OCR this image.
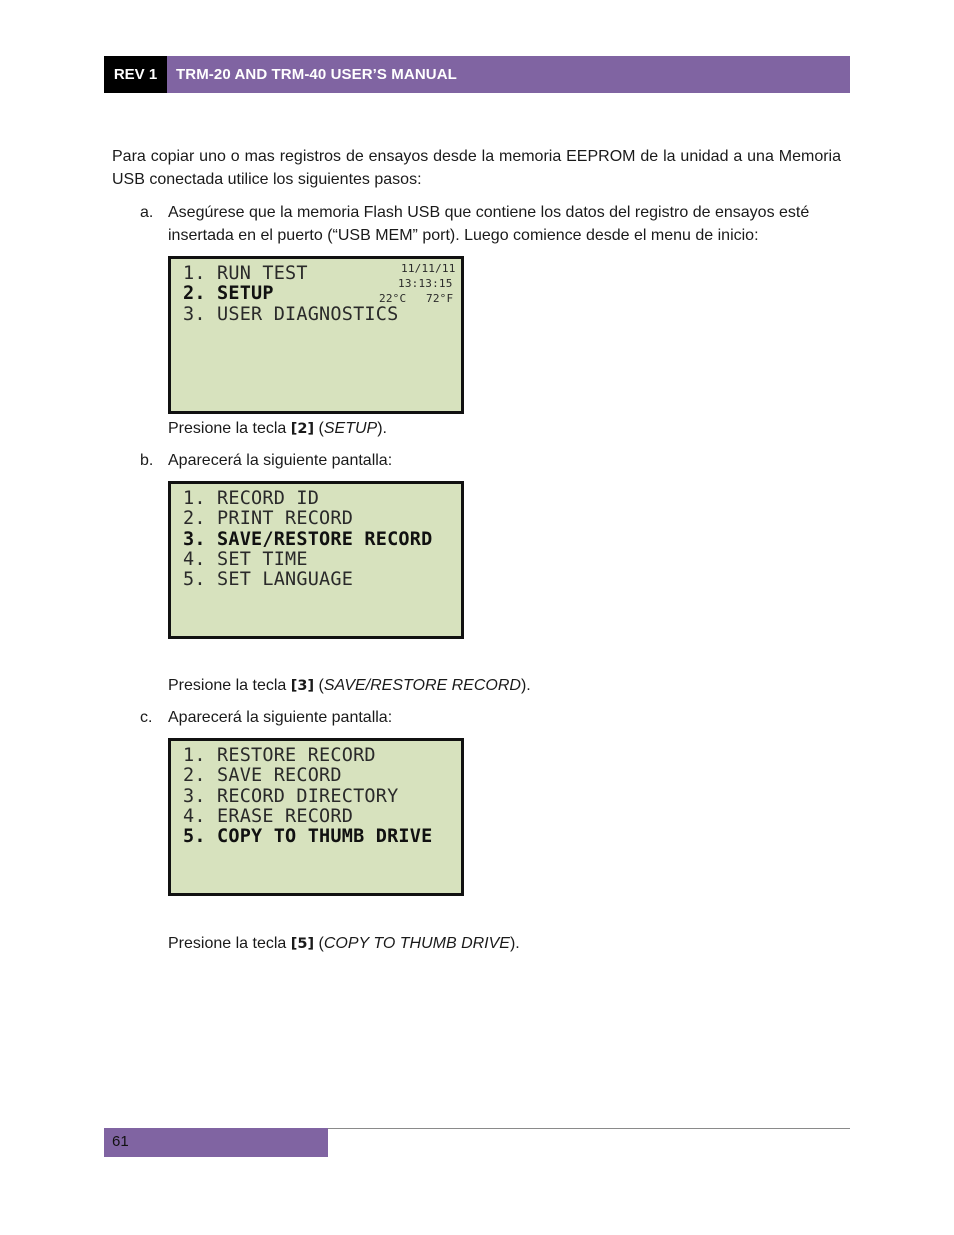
REV 1	TRM-20 AND TRM-40 USER’S MANUAL
Para copiar uno o mas registros de ensayos desde la memoria EEPROM de la unidad a una Memoria USB conectada utilice los siguientes pasos:
a. Asegúrese que la memoria Flash USB que contiene los datos del registro de ensayos esté insertada en el puerto (“USB MEM” port). Luego comience desde el menu de inicio:
1. RUN TEST
2. SETUP
3. USER DIAGNOSTICS
11/11/11
13:13:15
22°C 72°F
Presione la tecla [2] (SETUP).
b. Aparecerá la siguiente pantalla:
1. RECORD ID
2. PRINT RECORD
3. SAVE/RESTORE RECORD
4. SET TIME
5. SET LANGUAGE
Presione la tecla [3] (SAVE/RESTORE RECORD).
c. Aparecerá la siguiente pantalla:
1. RESTORE RECORD
2. SAVE RECORD
3. RECORD DIRECTORY
4. ERASE RECORD
5. COPY TO THUMB DRIVE
Presione la tecla [5] (COPY TO THUMB DRIVE).
61
